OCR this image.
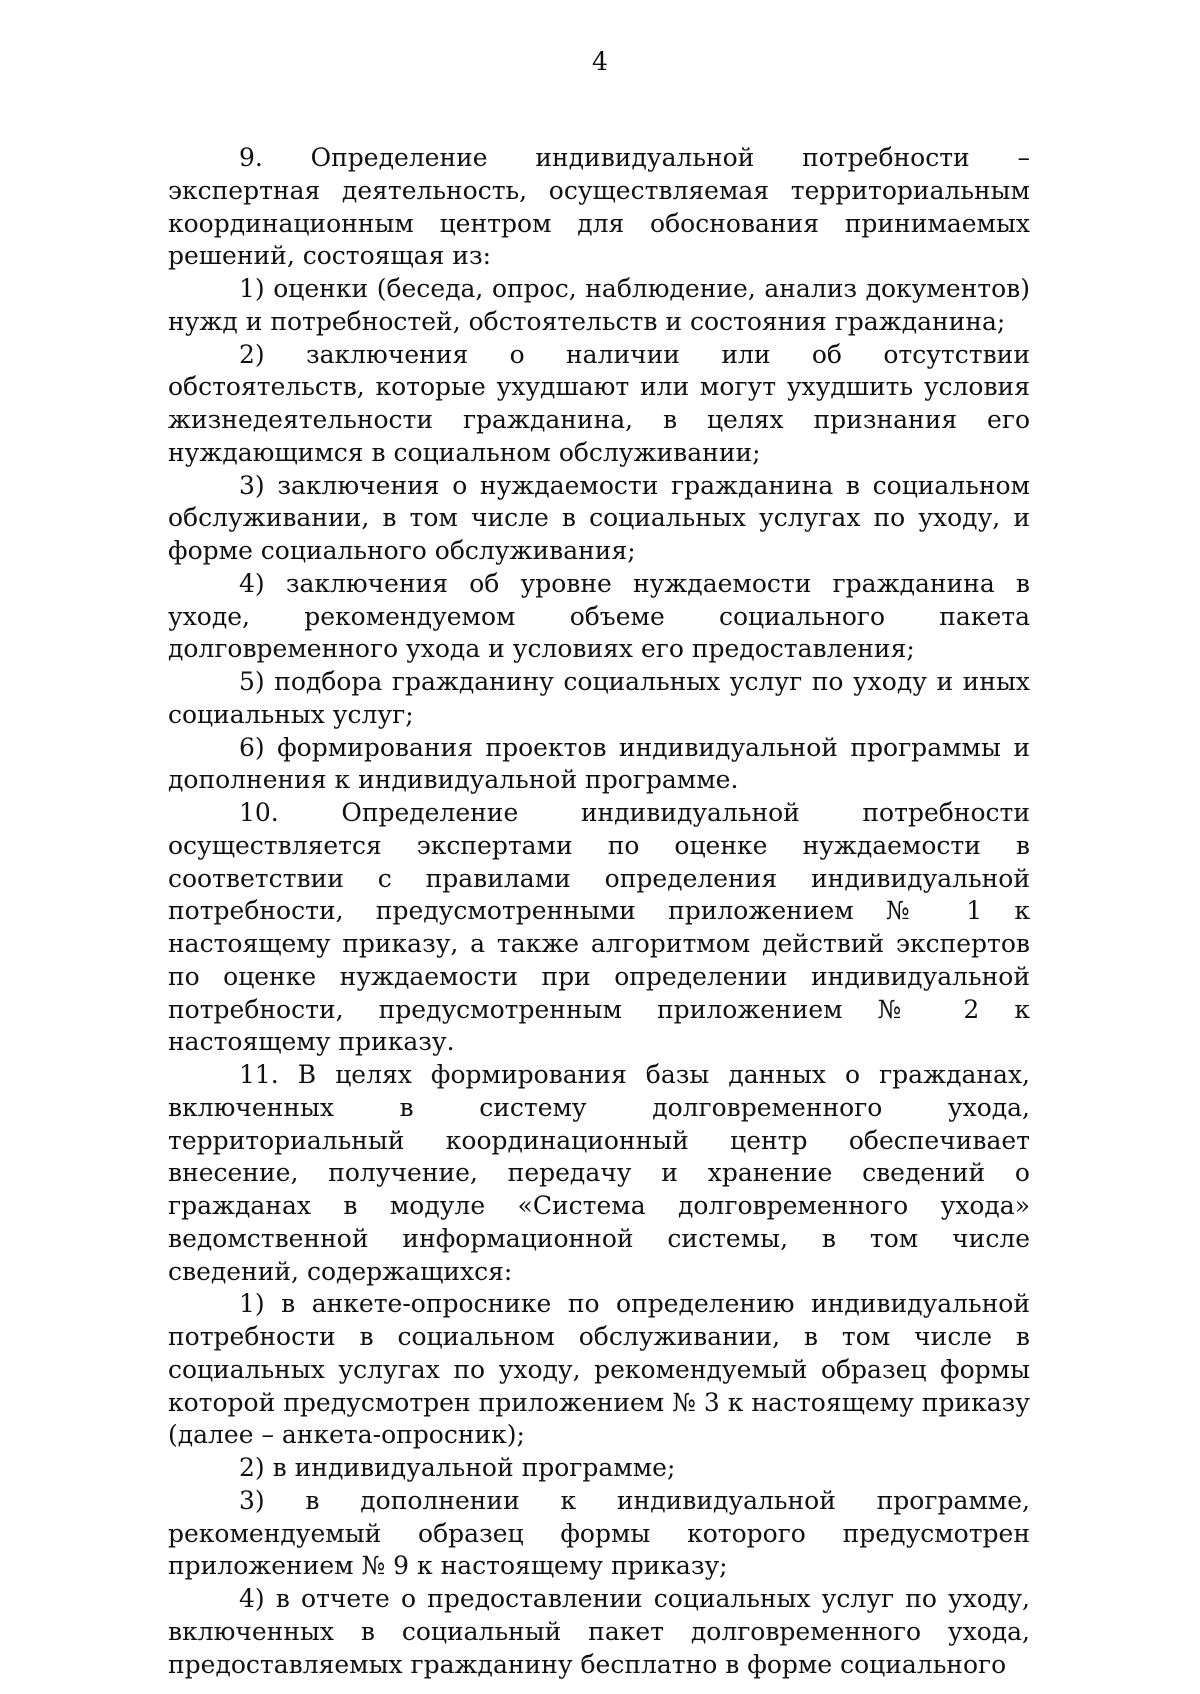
4

9. Определение индивидуальной потребности – экспертная деятельность, осуществляемая территориальным координационным центром для обоснования принимаемых решений, состоящая из:

1) оценки (беседа, опрос, наблюдение, анализ документов) нужд и потребностей, обстоятельств и состояния гражданина;

2) заключения о наличии или об отсутствии обстоятельств, которые ухудшают или могут ухудшить условия жизнедеятельности гражданина, в целях признания его нуждающимся в социальном обслуживании;

3) заключения о нуждаемости гражданина в социальном обслуживании, в том числе в социальных услугах по уходу, и форме социального обслуживания;

4) заключения об уровне нуждаемости гражданина в уходе, рекомендуемом объеме социального пакета долговременного ухода и условиях его предоставления;

5) подбора гражданину социальных услуг по уходу и иных социальных услуг;

6) формирования проектов индивидуальной программы и дополнения к индивидуальной программе.

10. Определение индивидуальной потребности осуществляется экспертами по оценке нуждаемости в соответствии с правилами определения индивидуальной потребности, предусмотренными приложением № 1 к настоящему приказу, а также алгоритмом действий экспертов по оценке нуждаемости при определении индивидуальной потребности, предусмотренным приложением № 2 к настоящему приказу.

11. В целях формирования базы данных о гражданах, включенных в систему долговременного ухода, территориальный координационный центр обеспечивает внесение, получение, передачу и хранение сведений о гражданах в модуле «Система долговременного ухода» ведомственной информационной системы, в том числе сведений, содержащихся:

1) в анкете-опроснике по определению индивидуальной потребности в социальном обслуживании, в том числе в социальных услугах по уходу, рекомендуемый образец формы которой предусмотрен приложением № 3 к настоящему приказу (далее – анкета-опросник);

2) в индивидуальной программе;

3) в дополнении к индивидуальной программе, рекомендуемый образец формы которого предусмотрен приложением № 9 к настоящему приказу;

4) в отчете о предоставлении социальных услуг по уходу, включенных в социальный пакет долговременного ухода, предоставляемых гражданину бесплатно в форме социального
